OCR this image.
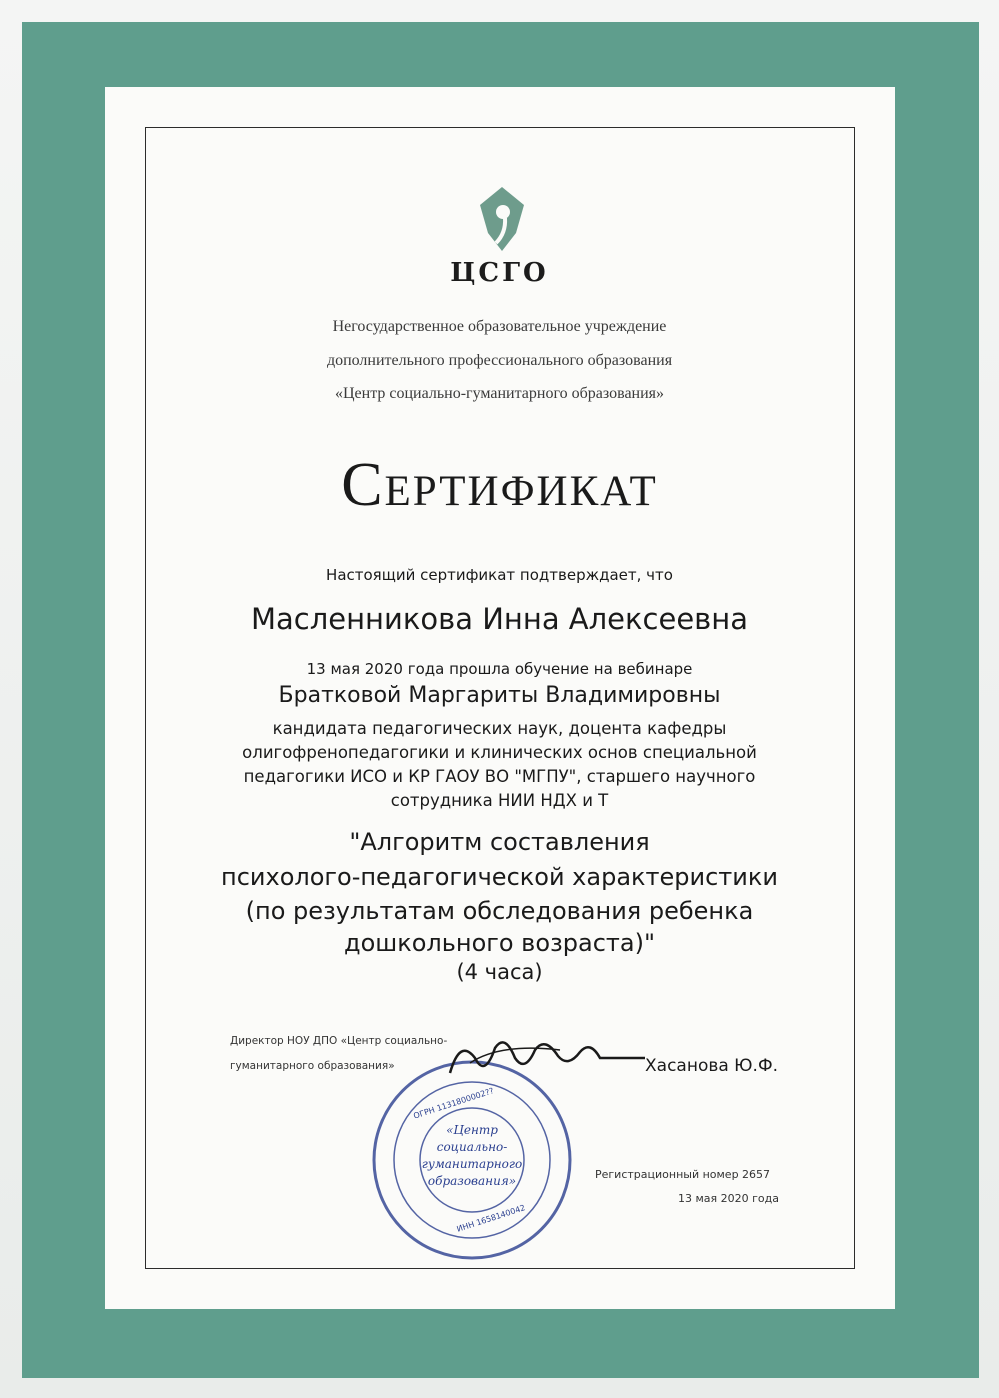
ЦСГО
Негосударственное образовательное учреждение
дополнительного профессионального образования
«Центр социально-гуманитарного образования»
Сертификат
Настоящий сертификат подтверждает, что
Масленникова Инна Алексеевна
13 мая 2020 года прошла обучение на вебинаре
Братковой Маргариты Владимировны
кандидата педагогических наук, доцента кафедры
олигофренопедагогики и клинических основ специальной
педагогики ИСО и КР ГАОУ ВО "МГПУ", старшего научного
сотрудника НИИ НДХ и Т
"Алгоритм составления
психолого-педагогической характеристики
(по результатам обследования ребенка
дошкольного возраста)"
(4 часа)
Директор НОУ ДПО «Центр социально-
гуманитарного образования»
«Центр
социально-
гуманитарного
образования»
ОГРН 1131800002??
ИНН 1658140042
Хасанова Ю.Ф.
Регистрационный номер 2657
13 мая 2020 года
